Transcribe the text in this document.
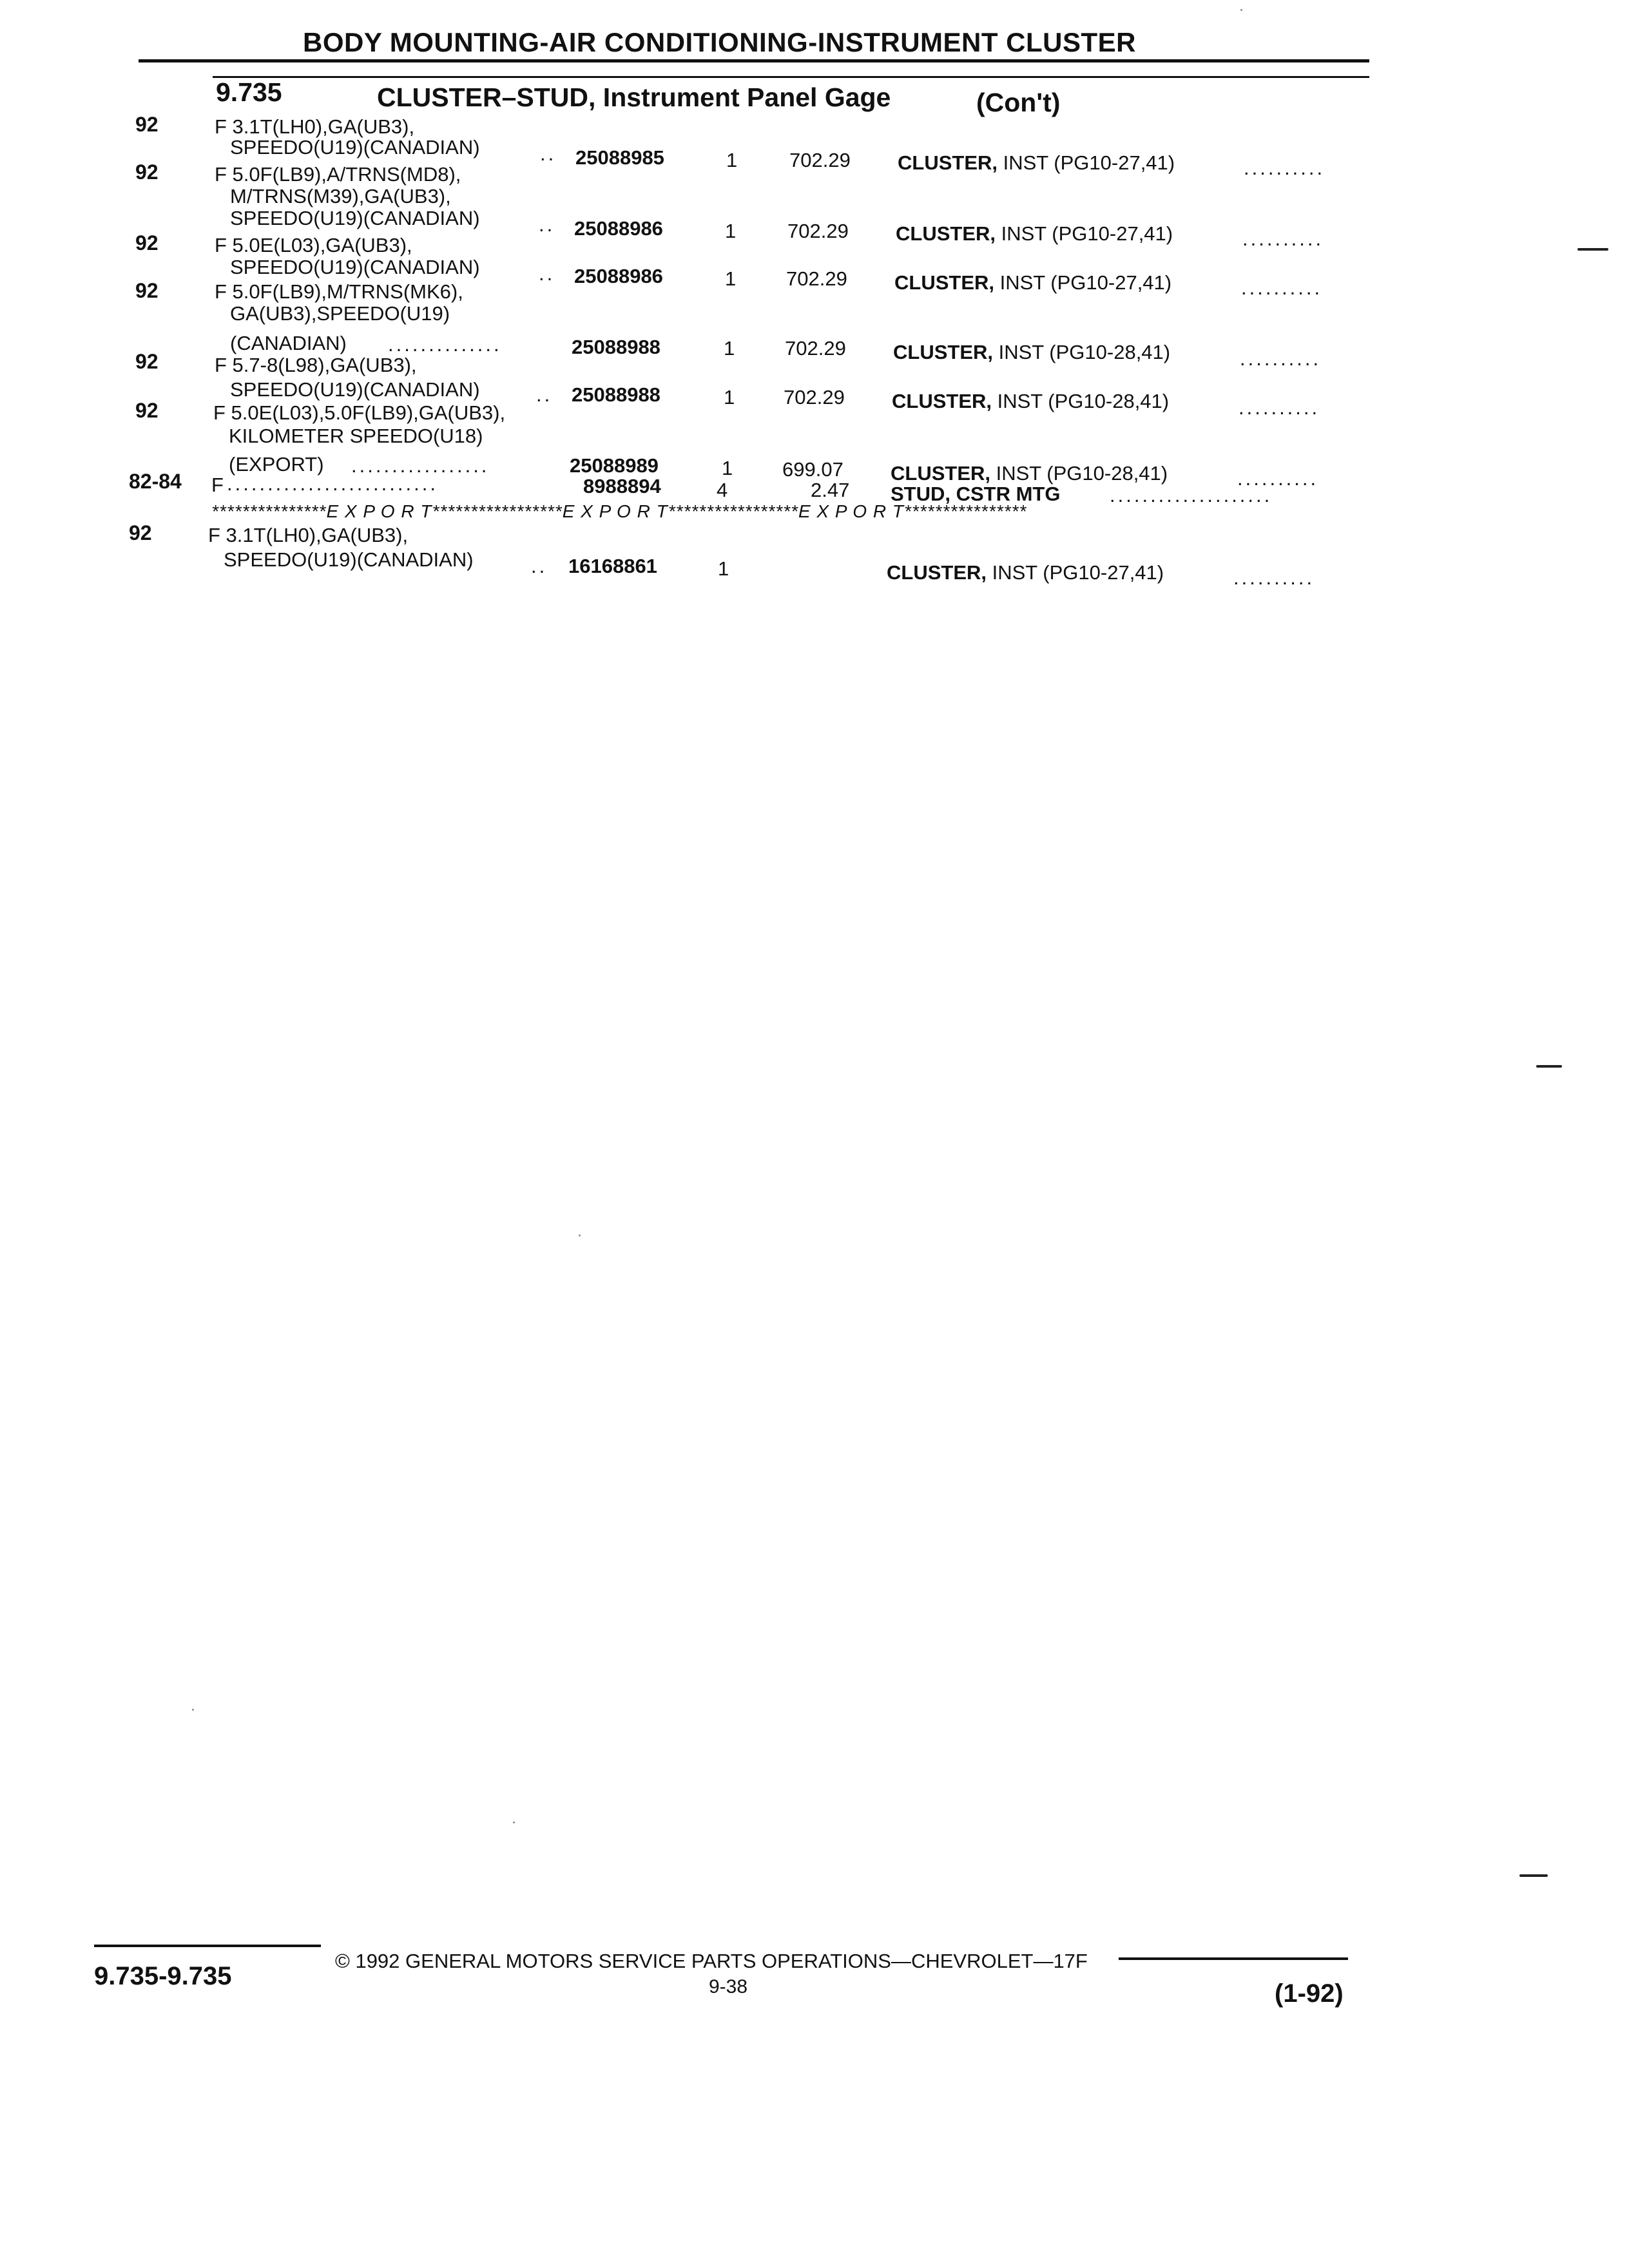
BODY MOUNTING-AIR CONDITIONING-INSTRUMENT CLUSTER
9.735	CLUSTER–STUD, Instrument Panel Gage	(Con't)
92	F 3.1T(LH0),GA(UB3),
SPEEDO(U19)(CANADIAN)	.. 25088985	1	702.29 CLUSTER, INST (PG10-27,41)	..........
92	F 5.0F(LB9),A/TRNS(MD8),
M/TRNS(M39),GA(UB3),
SPEEDO(U19)(CANADIAN)	.. 25088986	1	702.29 CLUSTER, INST (PG10-27,41)	..........
92	F 5.0E(L03),GA(UB3),
SPEEDO(U19)(CANADIAN)	.. 25088986	1	702.29 CLUSTER, INST (PG10-27,41)	..........
92	F 5.0F(LB9),M/TRNS(MK6),
GA(UB3),SPEEDO(U19)
(CANADIAN) ..............	25088988	1	702.29 CLUSTER, INST (PG10-28,41)	..........
92	F 5.7-8(L98),GA(UB3),
SPEEDO(U19)(CANADIAN)	.. 25088988	1 702.29 CLUSTER, INST (PG10-28,41)	..........
92	F 5.0E(L03),5.0F(LB9),GA(UB3),
KILOMETER SPEEDO(U18)
(EXPORT) .................	25088989	1 699.07 CLUSTER, INST (PG10-28,41)	..........
82-84 F ..........................	8988894	4	2.47 STUD, CSTR MTG ....................
***************E X P O R T*****************E X P O R T*****************E X P O R T****************
92	F 3.1T(LH0),GA(UB3),
SPEEDO(U19)(CANADIAN)	.. 16168861	1	CLUSTER, INST (PG10-27,41)	..........
9.735-9.735
© 1992 GENERAL MOTORS SERVICE PARTS OPERATIONS—CHEVROLET—17F
9-38	(1-92)
